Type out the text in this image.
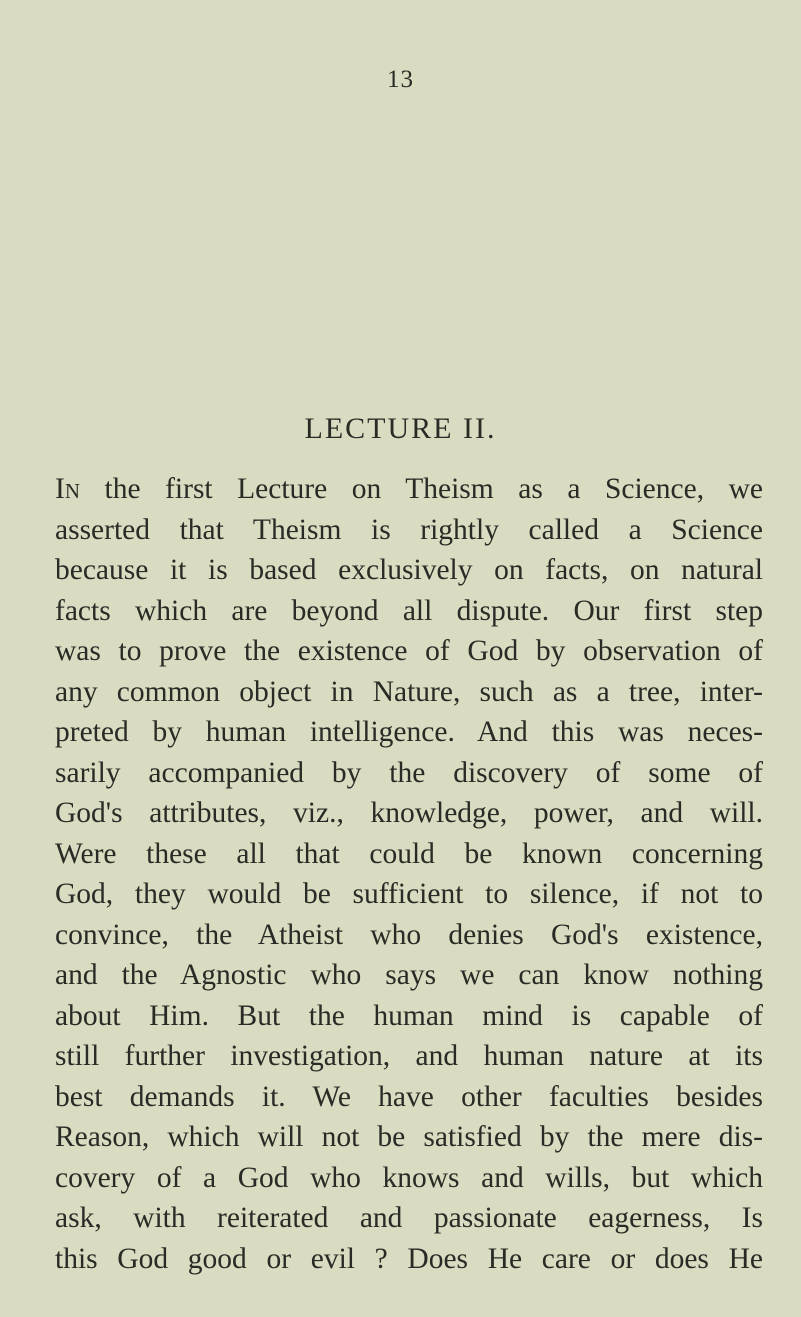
13
LECTURE II.
In the first Lecture on Theism as a Science, we
asserted that Theism is rightly called a Science
because it is based exclusively on facts, on natural
facts which are beyond all dispute. Our first step
was to prove the existence of God by observation of
any common object in Nature, such as a tree, inter-
preted by human intelligence. And this was neces-
sarily accompanied by the discovery of some of
God's attributes, viz., knowledge, power, and will.
Were these all that could be known concerning
God, they would be sufficient to silence, if not to
convince, the Atheist who denies God's existence,
and the Agnostic who says we can know nothing
about Him. But the human mind is capable of
still further investigation, and human nature at its
best demands it. We have other faculties besides
Reason, which will not be satisfied by the mere dis-
covery of a God who knows and wills, but which
ask, with reiterated and passionate eagerness, Is
this God good or evil ? Does He care or does He
